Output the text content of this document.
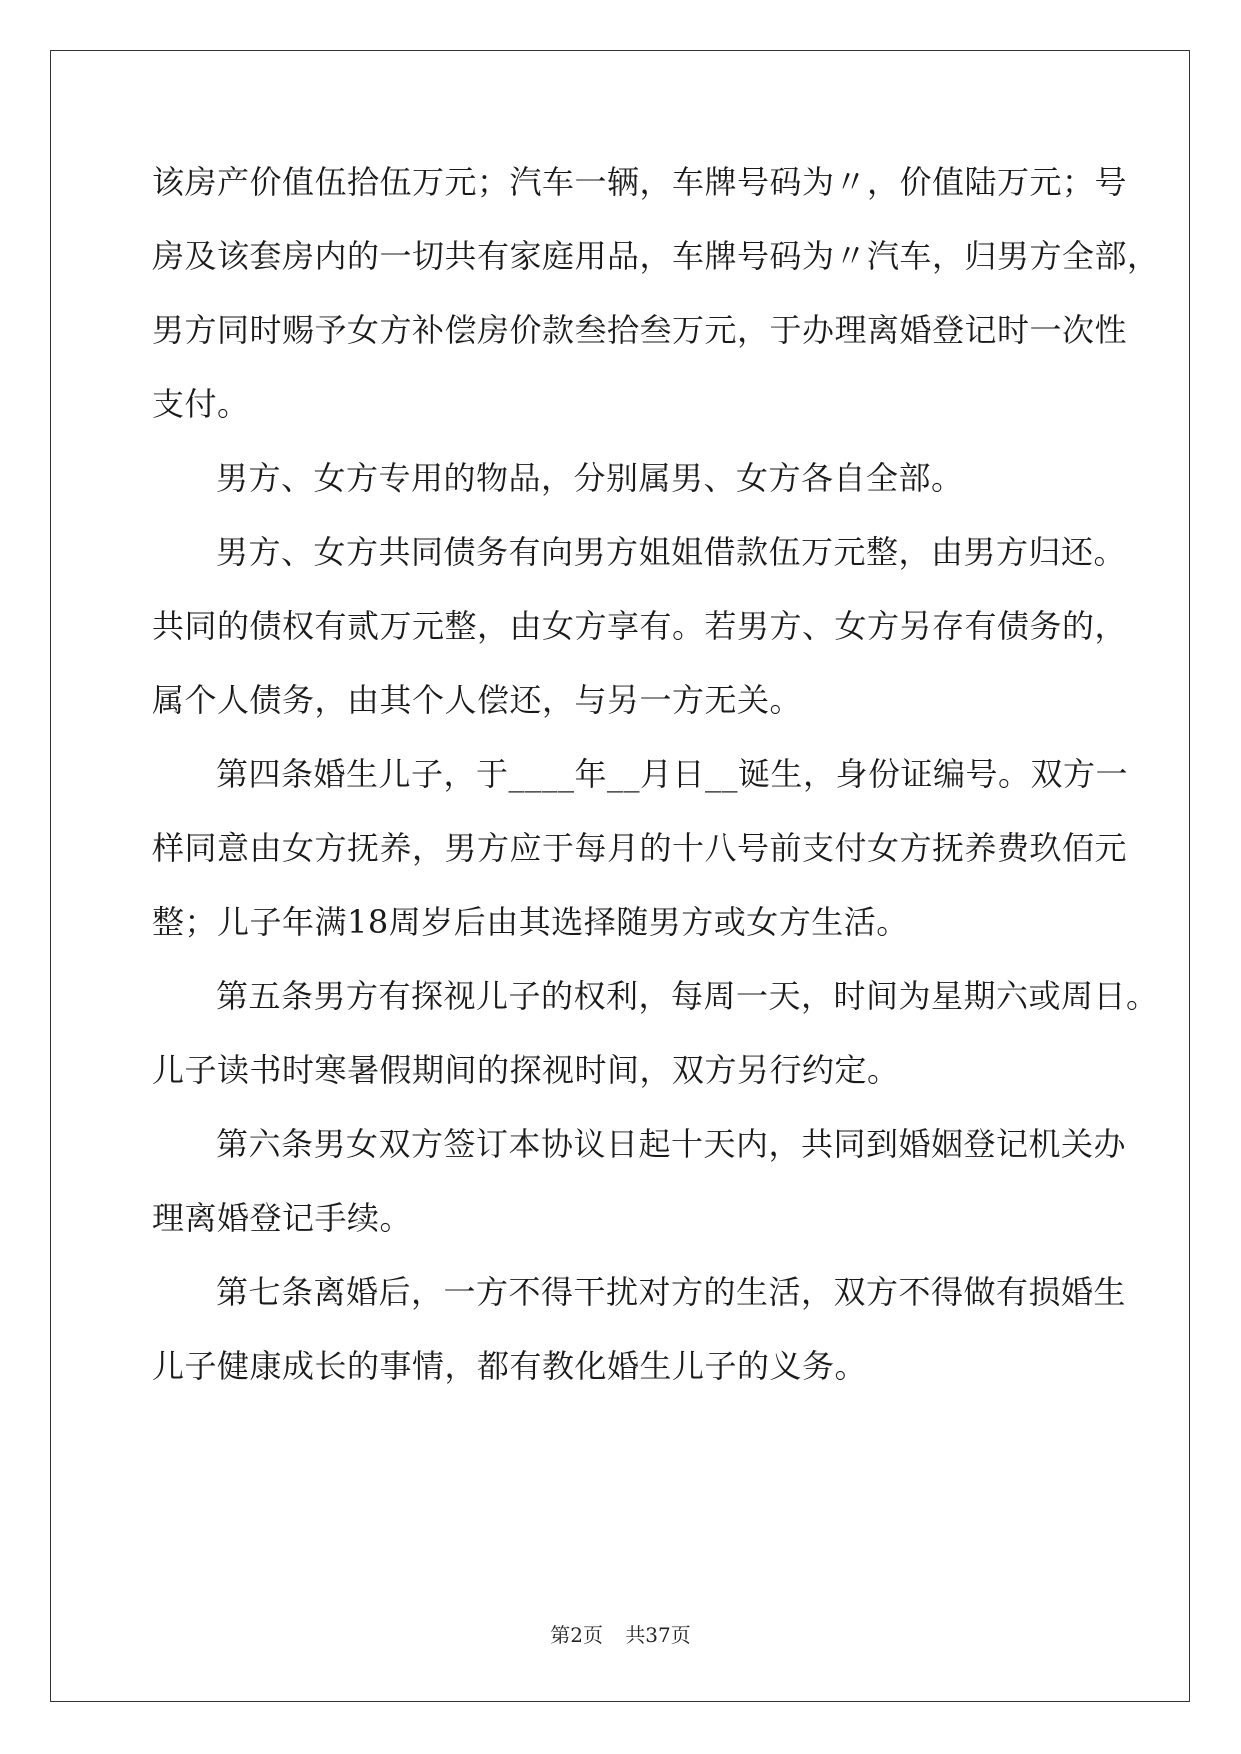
该房产价值伍拾伍万元；汽车一辆，车牌号码为〃，价值陆万元；号
房及该套房内的一切共有家庭用品，车牌号码为〃汽车，归男方全部，
男方同时赐予女方补偿房价款叁拾叁万元，于办理离婚登记时一次性
支付。
男方、女方专用的物品，分别属男、女方各自全部。
男方、女方共同债务有向男方姐姐借款伍万元整，由男方归还。
共同的债权有贰万元整，由女方享有。若男方、女方另存有债务的，
属个人债务，由其个人偿还，与另一方无关。
第四条婚生儿子，于____年__月日__诞生，身份证编号。双方一
样同意由女方抚养，男方应于每月的十八号前支付女方抚养费玖佰元
整；儿子年满18周岁后由其选择随男方或女方生活。
第五条男方有探视儿子的权利，每周一天，时间为星期六或周日。
儿子读书时寒暑假期间的探视时间，双方另行约定。
第六条男女双方签订本协议日起十天内，共同到婚姻登记机关办
理离婚登记手续。
第七条离婚后，一方不得干扰对方的生活，双方不得做有损婚生
儿子健康成长的事情，都有教化婚生儿子的义务。
第2页 共37页
